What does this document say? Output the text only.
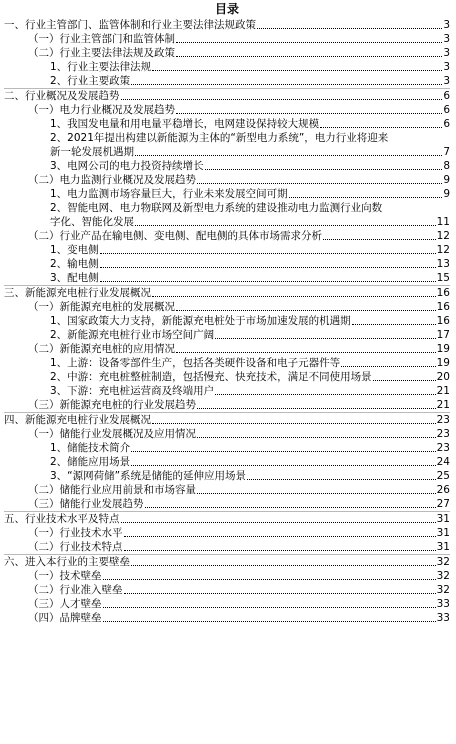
目录
一、行业主管部门、监管体制和行业主要法律法规政策	3
（一）行业主管部门和监管体制	3
（二）行业主要法律法规及政策	3
1、行业主要法律法规	3
2、行业主要政策	3
二、行业概况及发展趋势	6
（一）电力行业概况及发展趋势	6
1、我国发电量和用电量平稳增长，电网建设保持较大规模	6
2、2021年提出构建以新能源为主体的“新型电力系统”，电力行业将迎来
新一轮发展机遇期	7
3、电网公司的电力投资持续增长	8
（二）电力监测行业概况及发展趋势	9
1、电力监测市场容量巨大，行业未来发展空间可期	9
2、智能电网、电力物联网及新型电力系统的建设推动电力监测行业向数
字化、智能化发展	11
（二）行业产品在输电侧、变电侧、配电侧的具体市场需求分析	12
1、变电侧	12
2、输电侧	13
3、配电侧	15
三、新能源充电桩行业发展概况	16
（一）新能源充电桩的发展概况	16
1、国家政策大力支持，新能源充电桩处于市场加速发展的机遇期	16
2、新能源充电桩行业市场空间广阔	17
（二）新能源充电桩的应用情况	19
1、上游：设备零部件生产，包括各类硬件设备和电子元器件等	19
2、中游：充电桩整桩制造，包括慢充、快充技术，满足不同使用场景	20
3、下游：充电桩运营商及终端用户	21
（三）新能源充电桩的行业发展趋势	21
四、新能源充电桩行业发展概况	23
（一）储能行业发展概况及应用情况	23
1、储能技术简介	23
2、储能应用场景	24
3、“源网荷储”系统是储能的延伸应用场景	25
（二）储能行业应用前景和市场容量	26
（三）储能行业发展趋势	27
五、行业技术水平及特点	31
（一）行业技术水平	31
（二）行业技术特点	31
六、进入本行业的主要壁垒	32
（一）技术壁垒	32
（二）行业准入壁垒	32
（三）人才壁垒	33
（四）品牌壁垒	33
